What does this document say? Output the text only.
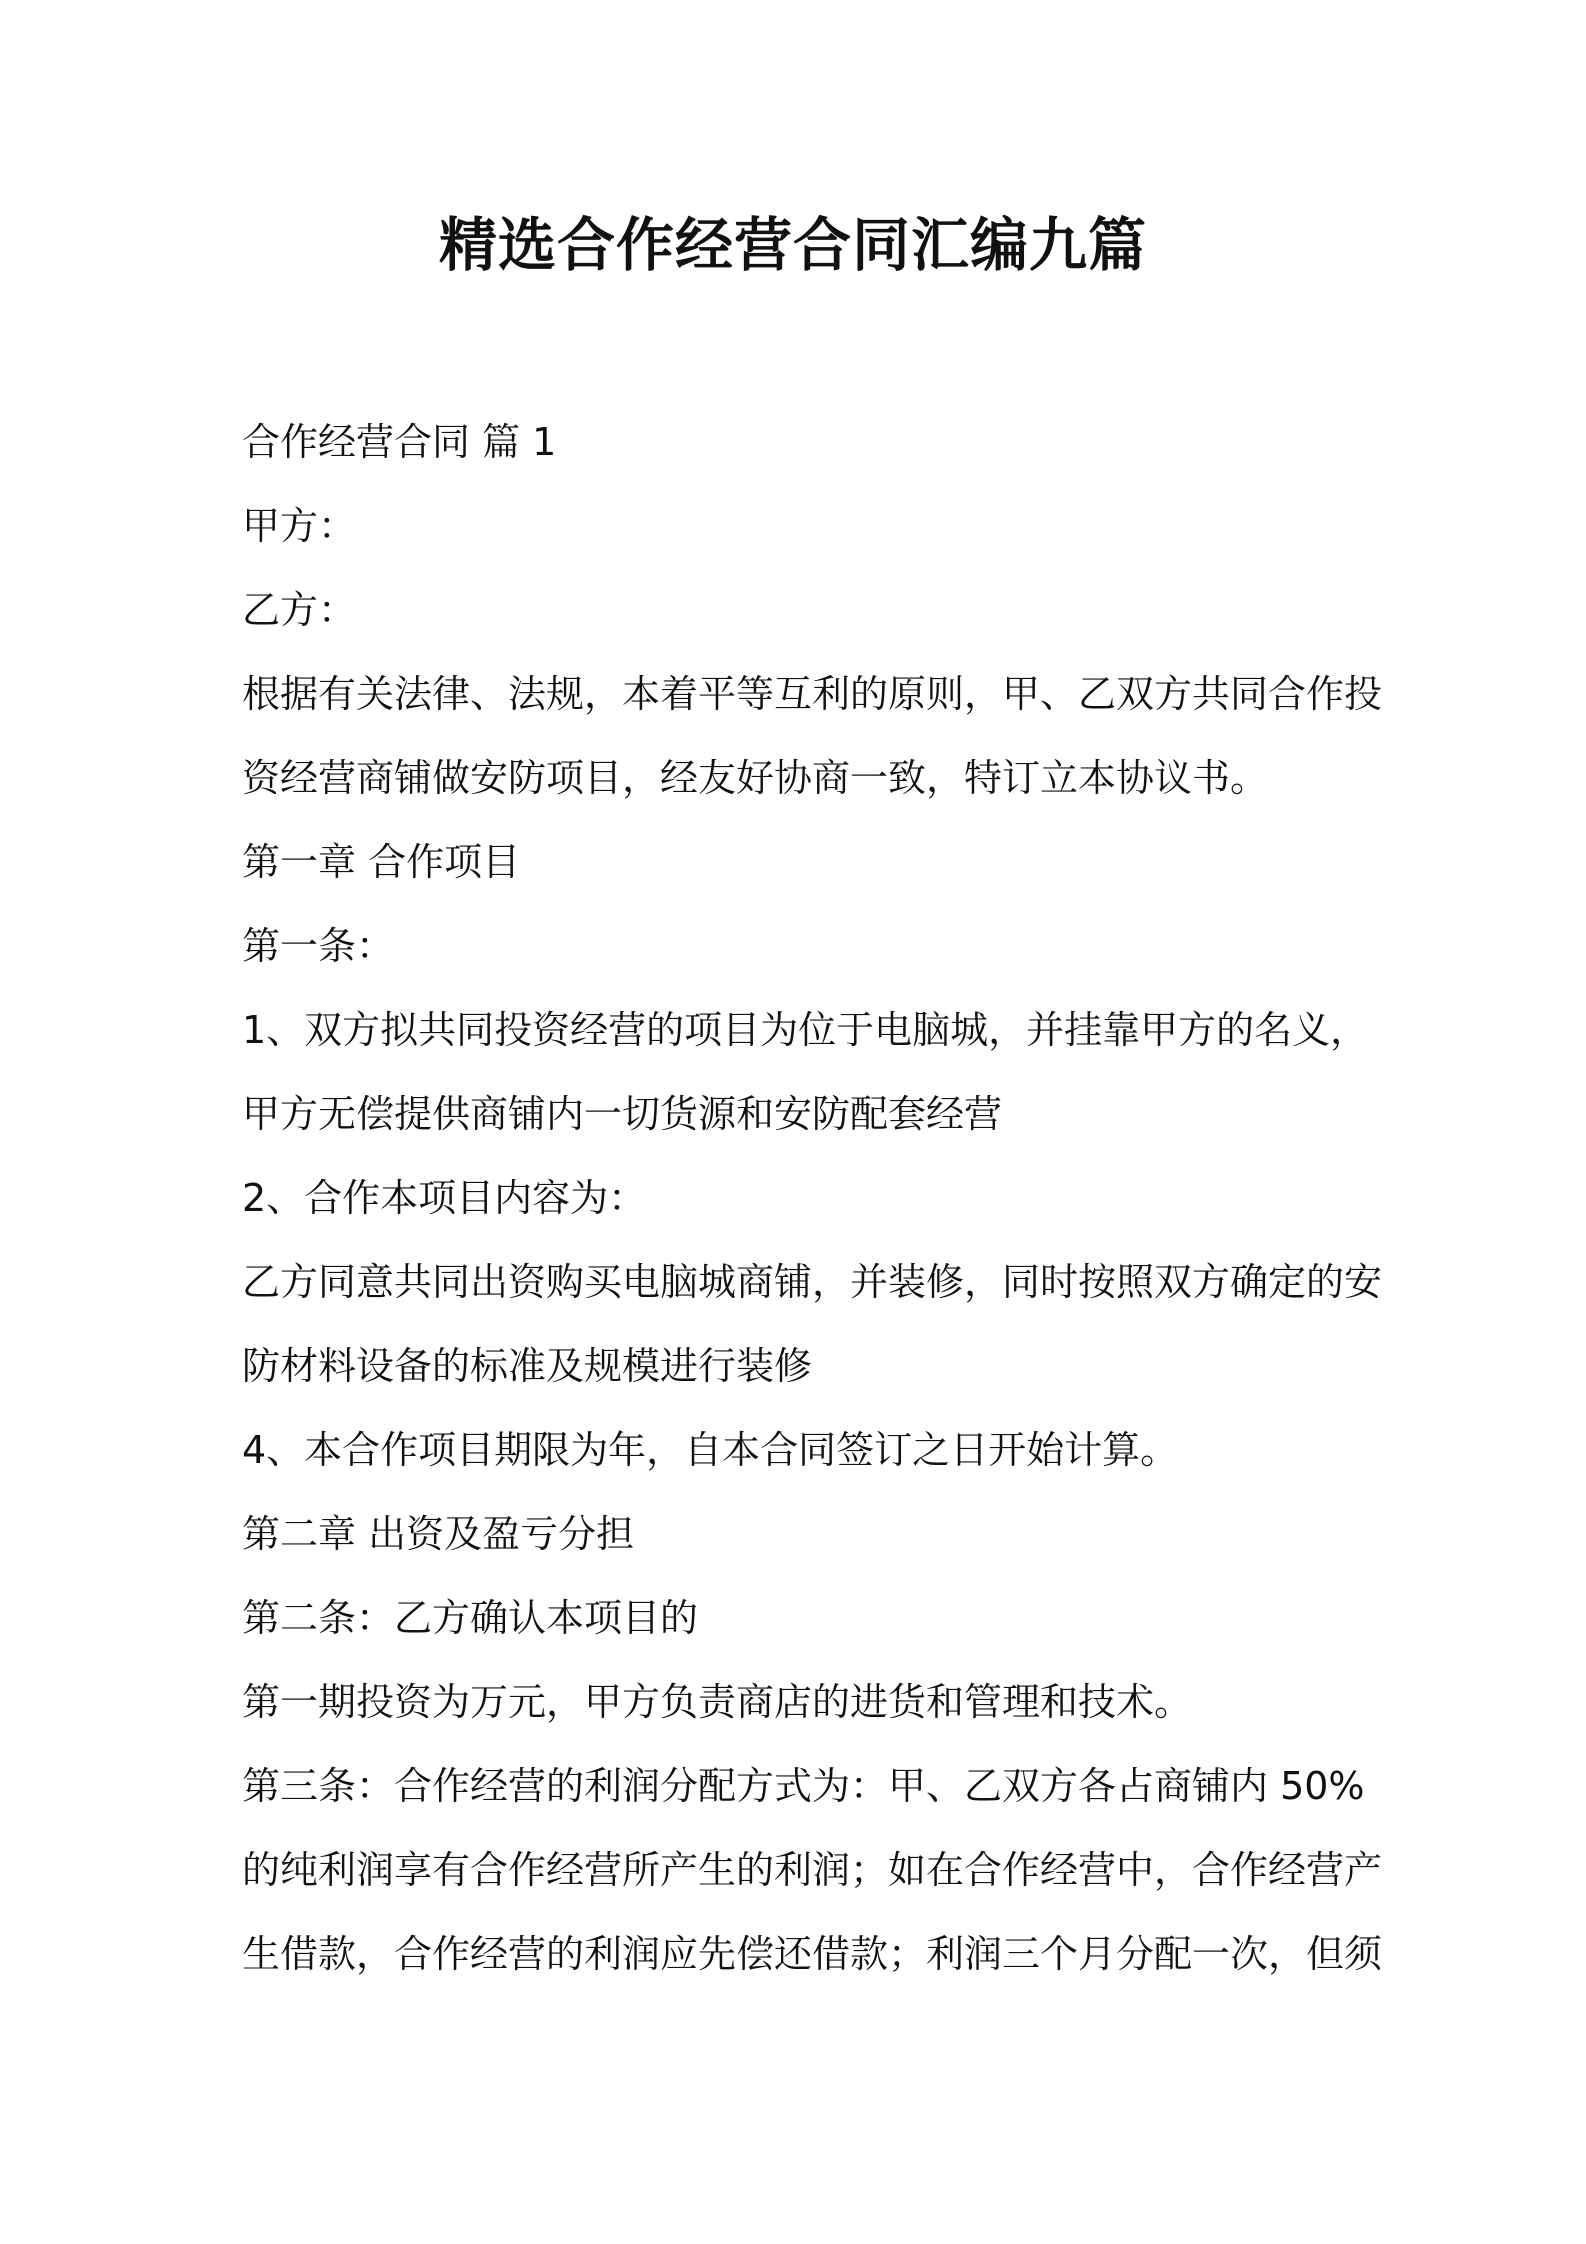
精选合作经营合同汇编九篇
合作经营合同 篇 1
甲方：
乙方：
根据有关法律、法规，本着平等互利的原则，甲、乙双方共同合作投
资经营商铺做安防项目，经友好协商一致，特订立本协议书。
第一章 合作项目
第一条：
1、双方拟共同投资经营的项目为位于电脑城，并挂靠甲方的名义，
甲方无偿提供商铺内一切货源和安防配套经营
2、合作本项目内容为：
乙方同意共同出资购买电脑城商铺，并装修，同时按照双方确定的安
防材料设备的标准及规模进行装修
4、本合作项目期限为年，自本合同签订之日开始计算。
第二章 出资及盈亏分担
第二条：乙方确认本项目的
第一期投资为万元，甲方负责商店的进货和管理和技术。
第三条：合作经营的利润分配方式为：甲、乙双方各占商铺内 50%
的纯利润享有合作经营所产生的利润；如在合作经营中，合作经营产
生借款，合作经营的利润应先偿还借款；利润三个月分配一次，但须
